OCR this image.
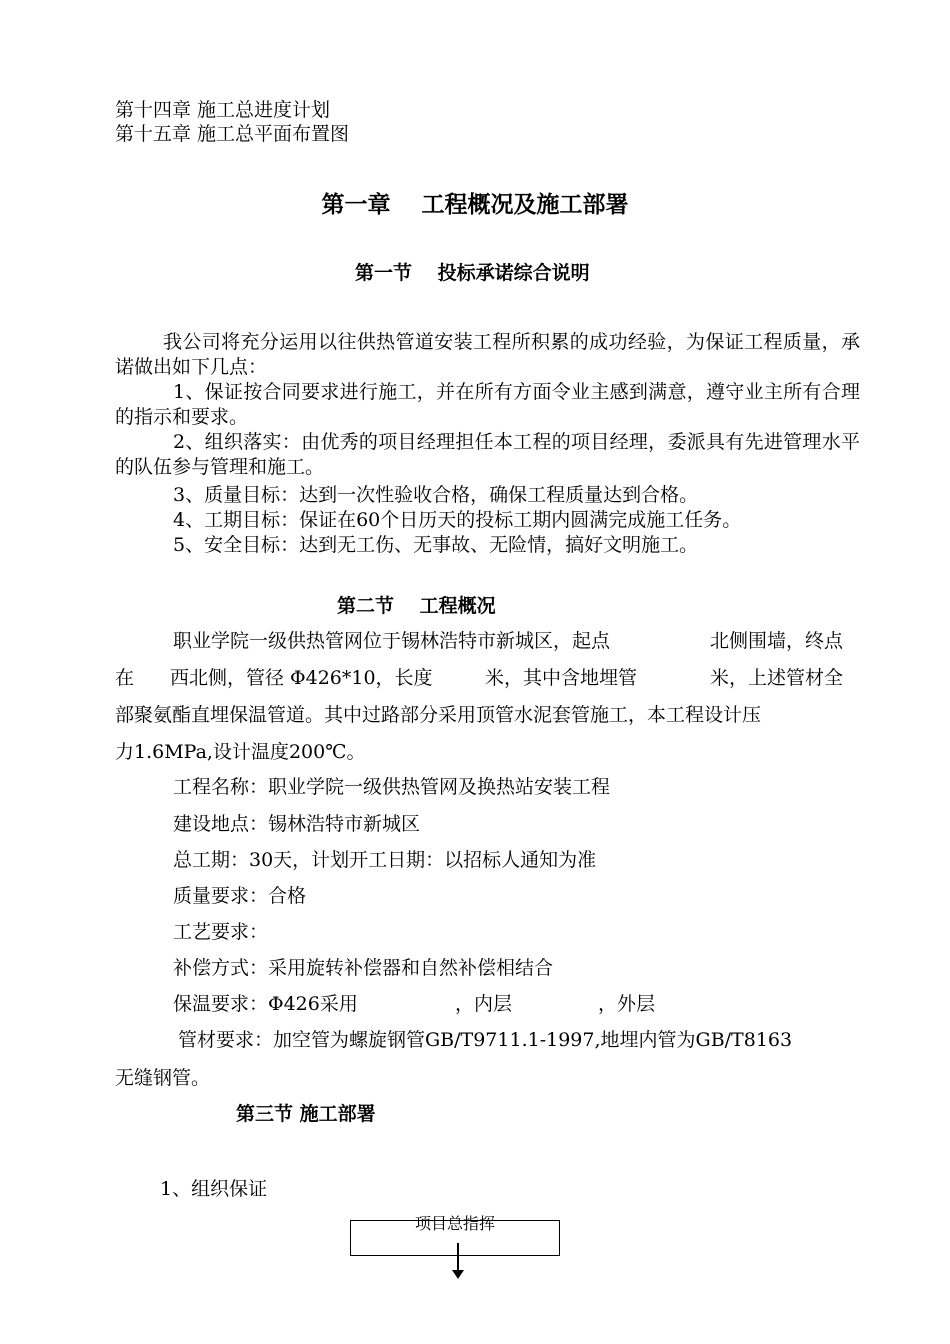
第十四章 施工总进度计划
第十五章 施工总平面布置图
第一章　 工程概况及施工部署
第一节　 投标承诺综合说明
我公司将充分运用以往供热管道安装工程所积累的成功经验，为保证工程质量，承诺做出如下几点：
1、保证按合同要求进行施工，并在所有方面令业主感到满意，遵守业主所有合理的指示和要求。
2、组织落实：由优秀的项目经理担任本工程的项目经理，委派具有先进管理水平的队伍参与管理和施工。
3、质量目标：达到一次性验收合格，确保工程质量达到合格。
4、工期目标：保证在60个日历天的投标工期内圆满完成施工任务。
5、安全目标：达到无工伤、无事故、无险情，搞好文明施工。
第二节　 工程概况
职业学院一级供热管网位于锡林浩特市新城区，起点	北侧围墙，终点
在 西北侧，管径 Φ426*10，长度	米，其中含地埋管	米，上述管材全
部聚氨酯直埋保温管道。其中过路部分采用顶管水泥套管施工，本工程设计压
力1.6MPa,设计温度200℃。
工程名称：职业学院一级供热管网及换热站安装工程
建设地点：锡林浩特市新城区
总工期：30天，计划开工日期：以招标人通知为准
质量要求：合格
工艺要求：
补偿方式：采用旋转补偿器和自然补偿相结合
保温要求：Φ426采用	，内层	，外层
管材要求：加空管为螺旋钢管GB/T9711.1-1997,地埋内管为GB/T8163
无缝钢管。
第三节 施工部署
1、组织保证
项目总指挥
